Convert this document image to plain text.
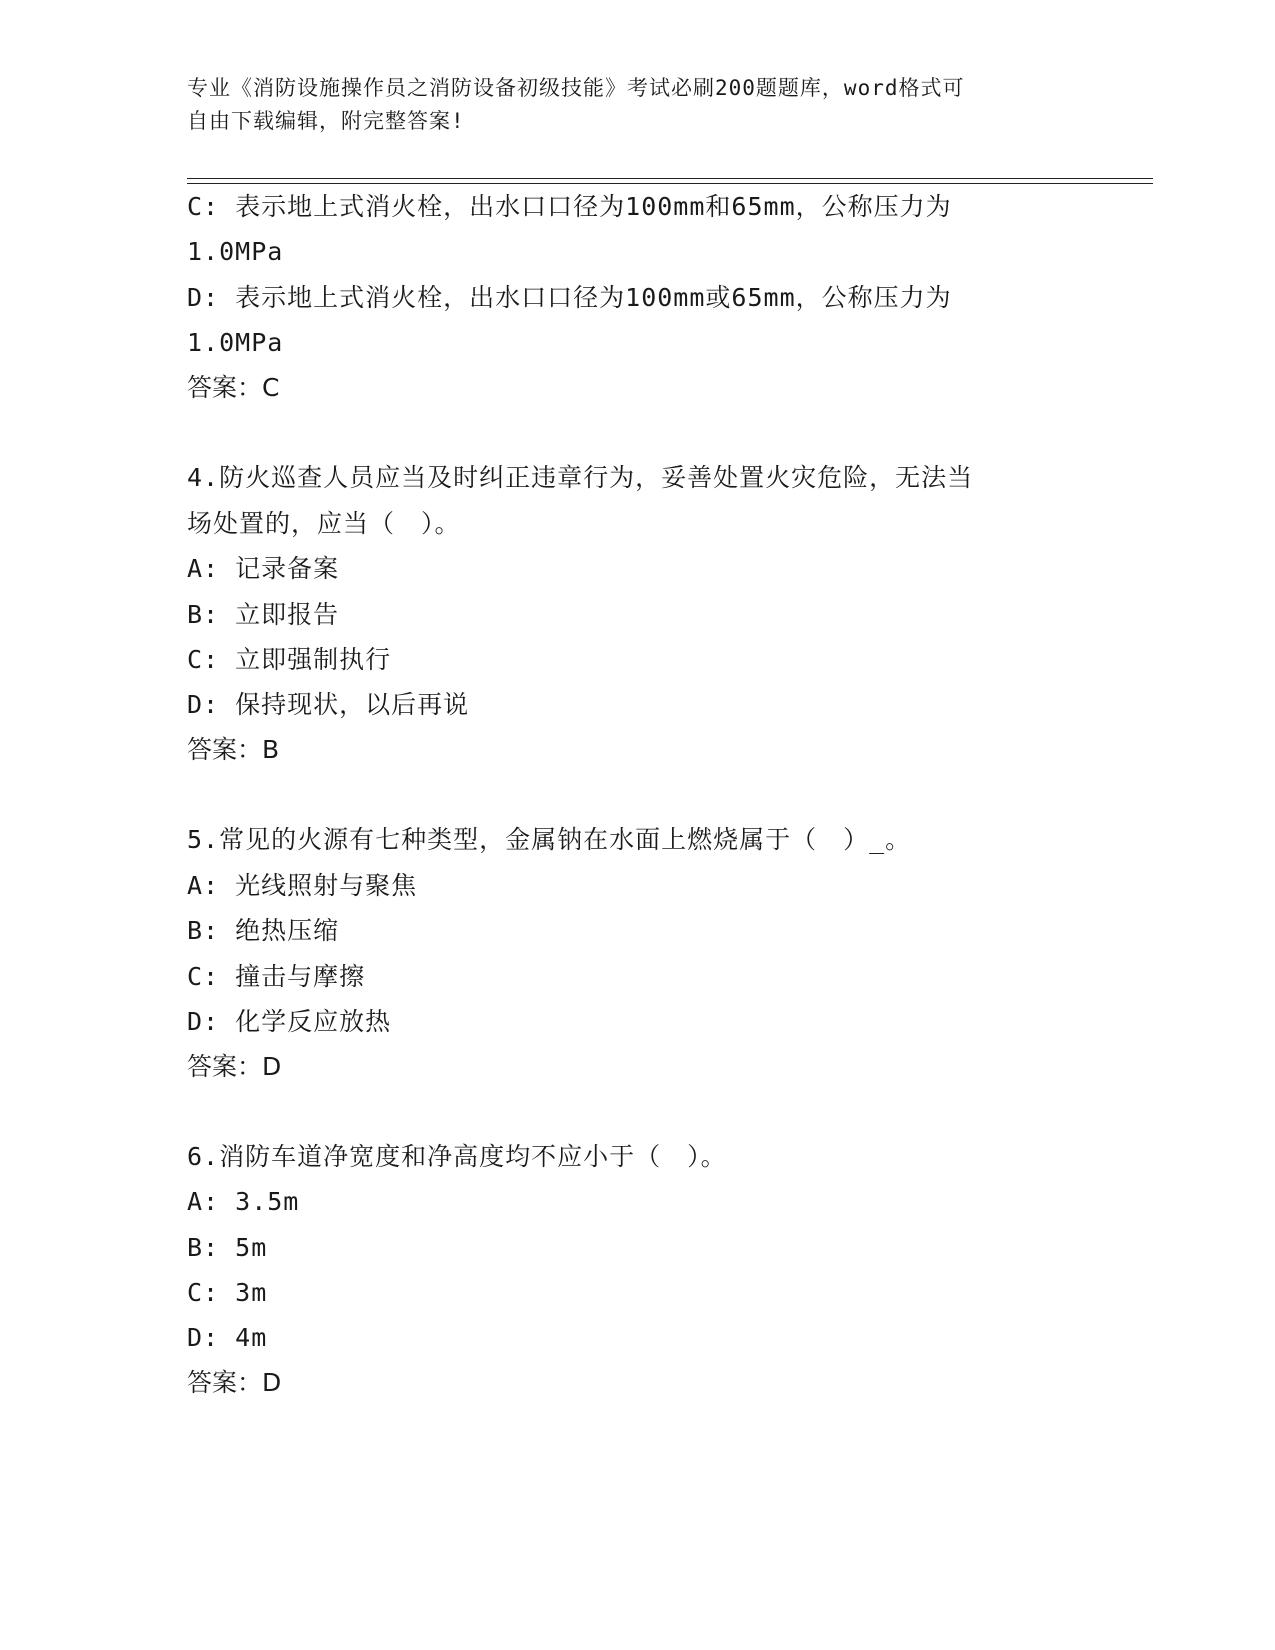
专业《消防设施操作员之消防设备初级技能》考试必刷200题题库，word格式可
自由下载编辑，附完整答案!
C: 表示地上式消火栓，出水口口径为100mm和65mm，公称压力为
1.0MPa
D: 表示地上式消火栓，出水口口径为100mm或65mm，公称压力为
1.0MPa
答案：C
4.防火巡查人员应当及时纠正违章行为，妥善处置火灾危险，无法当
场处置的，应当（　）。
A: 记录备案
B: 立即报告
C: 立即强制执行
D: 保持现状，以后再说
答案：B
5.常见的火源有七种类型，金属钠在水面上燃烧属于（　）_。
A: 光线照射与聚焦
B: 绝热压缩
C: 撞击与摩擦
D: 化学反应放热
答案：D
6.消防车道净宽度和净高度均不应小于（　）。
A: 3.5m
B: 5m
C: 3m
D: 4m
答案：D
